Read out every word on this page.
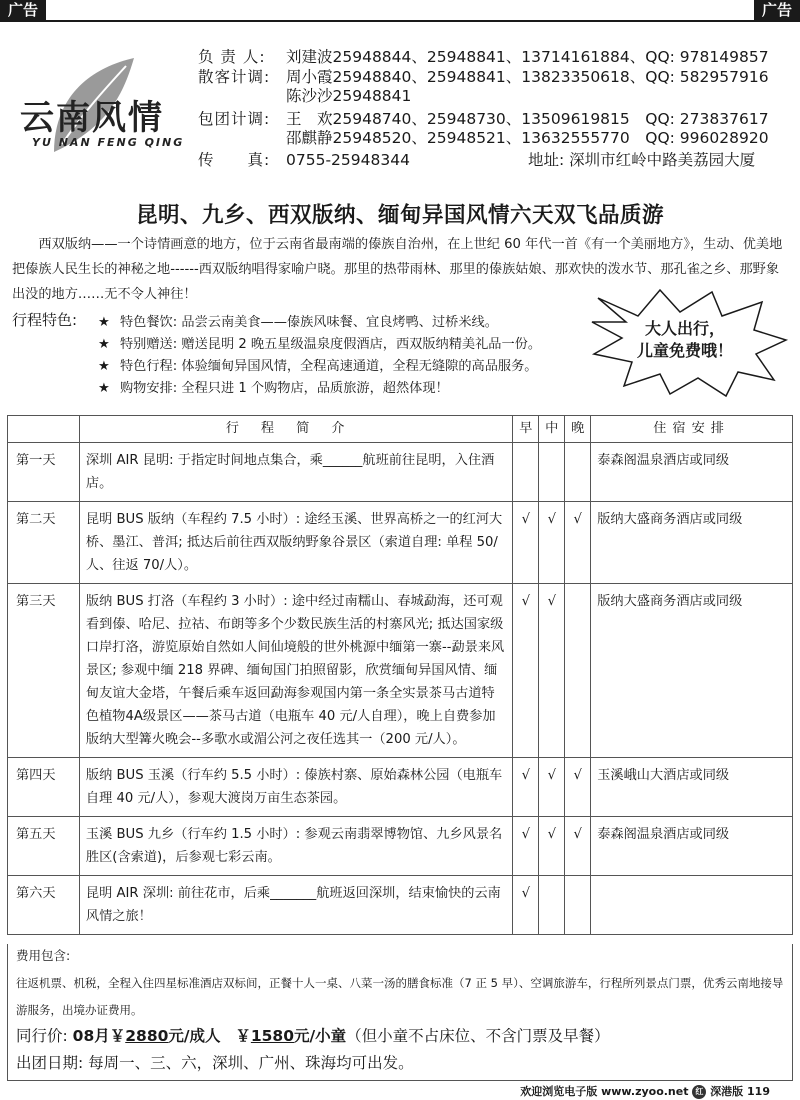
广告	广告
云南风情
YU NAN FENG QING
负 责 人: 刘建波25948844、25948841、13714161884、QQ: 978149857
散客计调: 周小霞25948840、25948841、13823350618、QQ: 582957916
陈沙沙25948841
包团计调: 王　欢25948740、25948730、13509619815　QQ: 273837617
邵麒静25948520、25948521、13632555770　QQ: 996028920
传　　真: 0755-25948344	地址: 深圳市红岭中路美荔园大厦
昆明、九乡、西双版纳、缅甸异国风情六天双飞品质游
西双版纳——一个诗情画意的地方，位于云南省最南端的傣族自治州，在上世纪 60 年代一首《有一个美丽地方》，生动、优美地把傣族人民生长的神秘之地------西双版纳唱得家喻户晓。那里的热带雨林、那里的傣族姑娘、那欢快的泼水节、那孔雀之乡、那野象出没的地方……无不令人神往！
行程特色: ★ 特色餐饮: 品尝云南美食——傣族风味餐、宜良烤鸭、过桥米线。
★ 特别赠送: 赠送昆明 2 晚五星级温泉度假酒店，西双版纳精美礼品一份。
★ 特色行程: 体验缅甸异国风情，全程高速通道，全程无缝隙的高品服务。
★ 购物安排: 全程只进 1 个购物店，品质旅游，超然体现！
大人出行，
儿童免费哦！
	行程简介	早	中	晚	住宿安排
第一天	深圳 AIR 昆明: 于指定时间地点集合，乘______航班前往昆明，入住酒店。				泰森阁温泉酒店或同级
第二天	昆明 BUS 版纳（车程约 7.5 小时）: 途经玉溪、世界高桥之一的红河大桥、墨江、普洱; 抵达后前往西双版纳野象谷景区（索道自理: 单程 50/人、往返 70/人）。	√	√	√	版纳大盛商务酒店或同级
第三天	版纳 BUS 打洛（车程约 3 小时）: 途中经过南糯山、春城勐海，还可观看到傣、哈尼、拉祜、布朗等多个少数民族生活的村寨风光; 抵达国家级口岸打洛，游览原始自然如人间仙境般的世外桃源中缅第一寨--勐景来风景区; 参观中缅 218 界碑、缅甸国门拍照留影，欣赏缅甸异国风情、缅甸友谊大金塔，午餐后乘车返回勐海参观国内第一条全实景茶马古道特色植物4A级景区——茶马古道（电瓶车 40 元/人自理），晚上自费参加版纳大型篝火晚会--多歌水或湄公河之夜任选其一（200 元/人）。	√	√		版纳大盛商务酒店或同级
第四天	版纳 BUS 玉溪（行车约 5.5 小时）: 傣族村寨、原始森林公园（电瓶车自理 40 元/人），参观大渡岗万亩生态茶园。	√	√	√	玉溪峨山大酒店或同级
第五天	玉溪 BUS 九乡（行车约 1.5 小时）: 参观云南翡翠博物馆、九乡风景名胜区(含索道)，后参观七彩云南。	√	√	√	泰森阁温泉酒店或同级
第六天	昆明 AIR 深圳: 前往花市，后乘_______航班返回深圳，结束愉快的云南风情之旅！	√			
费用包含:
往返机票、机税，全程入住四星标准酒店双标间，正餐十人一桌、八菜一汤的膳食标准（7 正 5 早）、空调旅游车，行程所列景点门票，优秀云南地接导游服务，出境办证费用。
同行价: 08月￥2880元/成人 ￥1580元/小童（但小童不占床位、不含门票及早餐）
出团日期: 每周一、三、六，深圳、广州、珠海均可出发。
欢迎浏览电子版 www.zyoo.net 红 深港版 119
